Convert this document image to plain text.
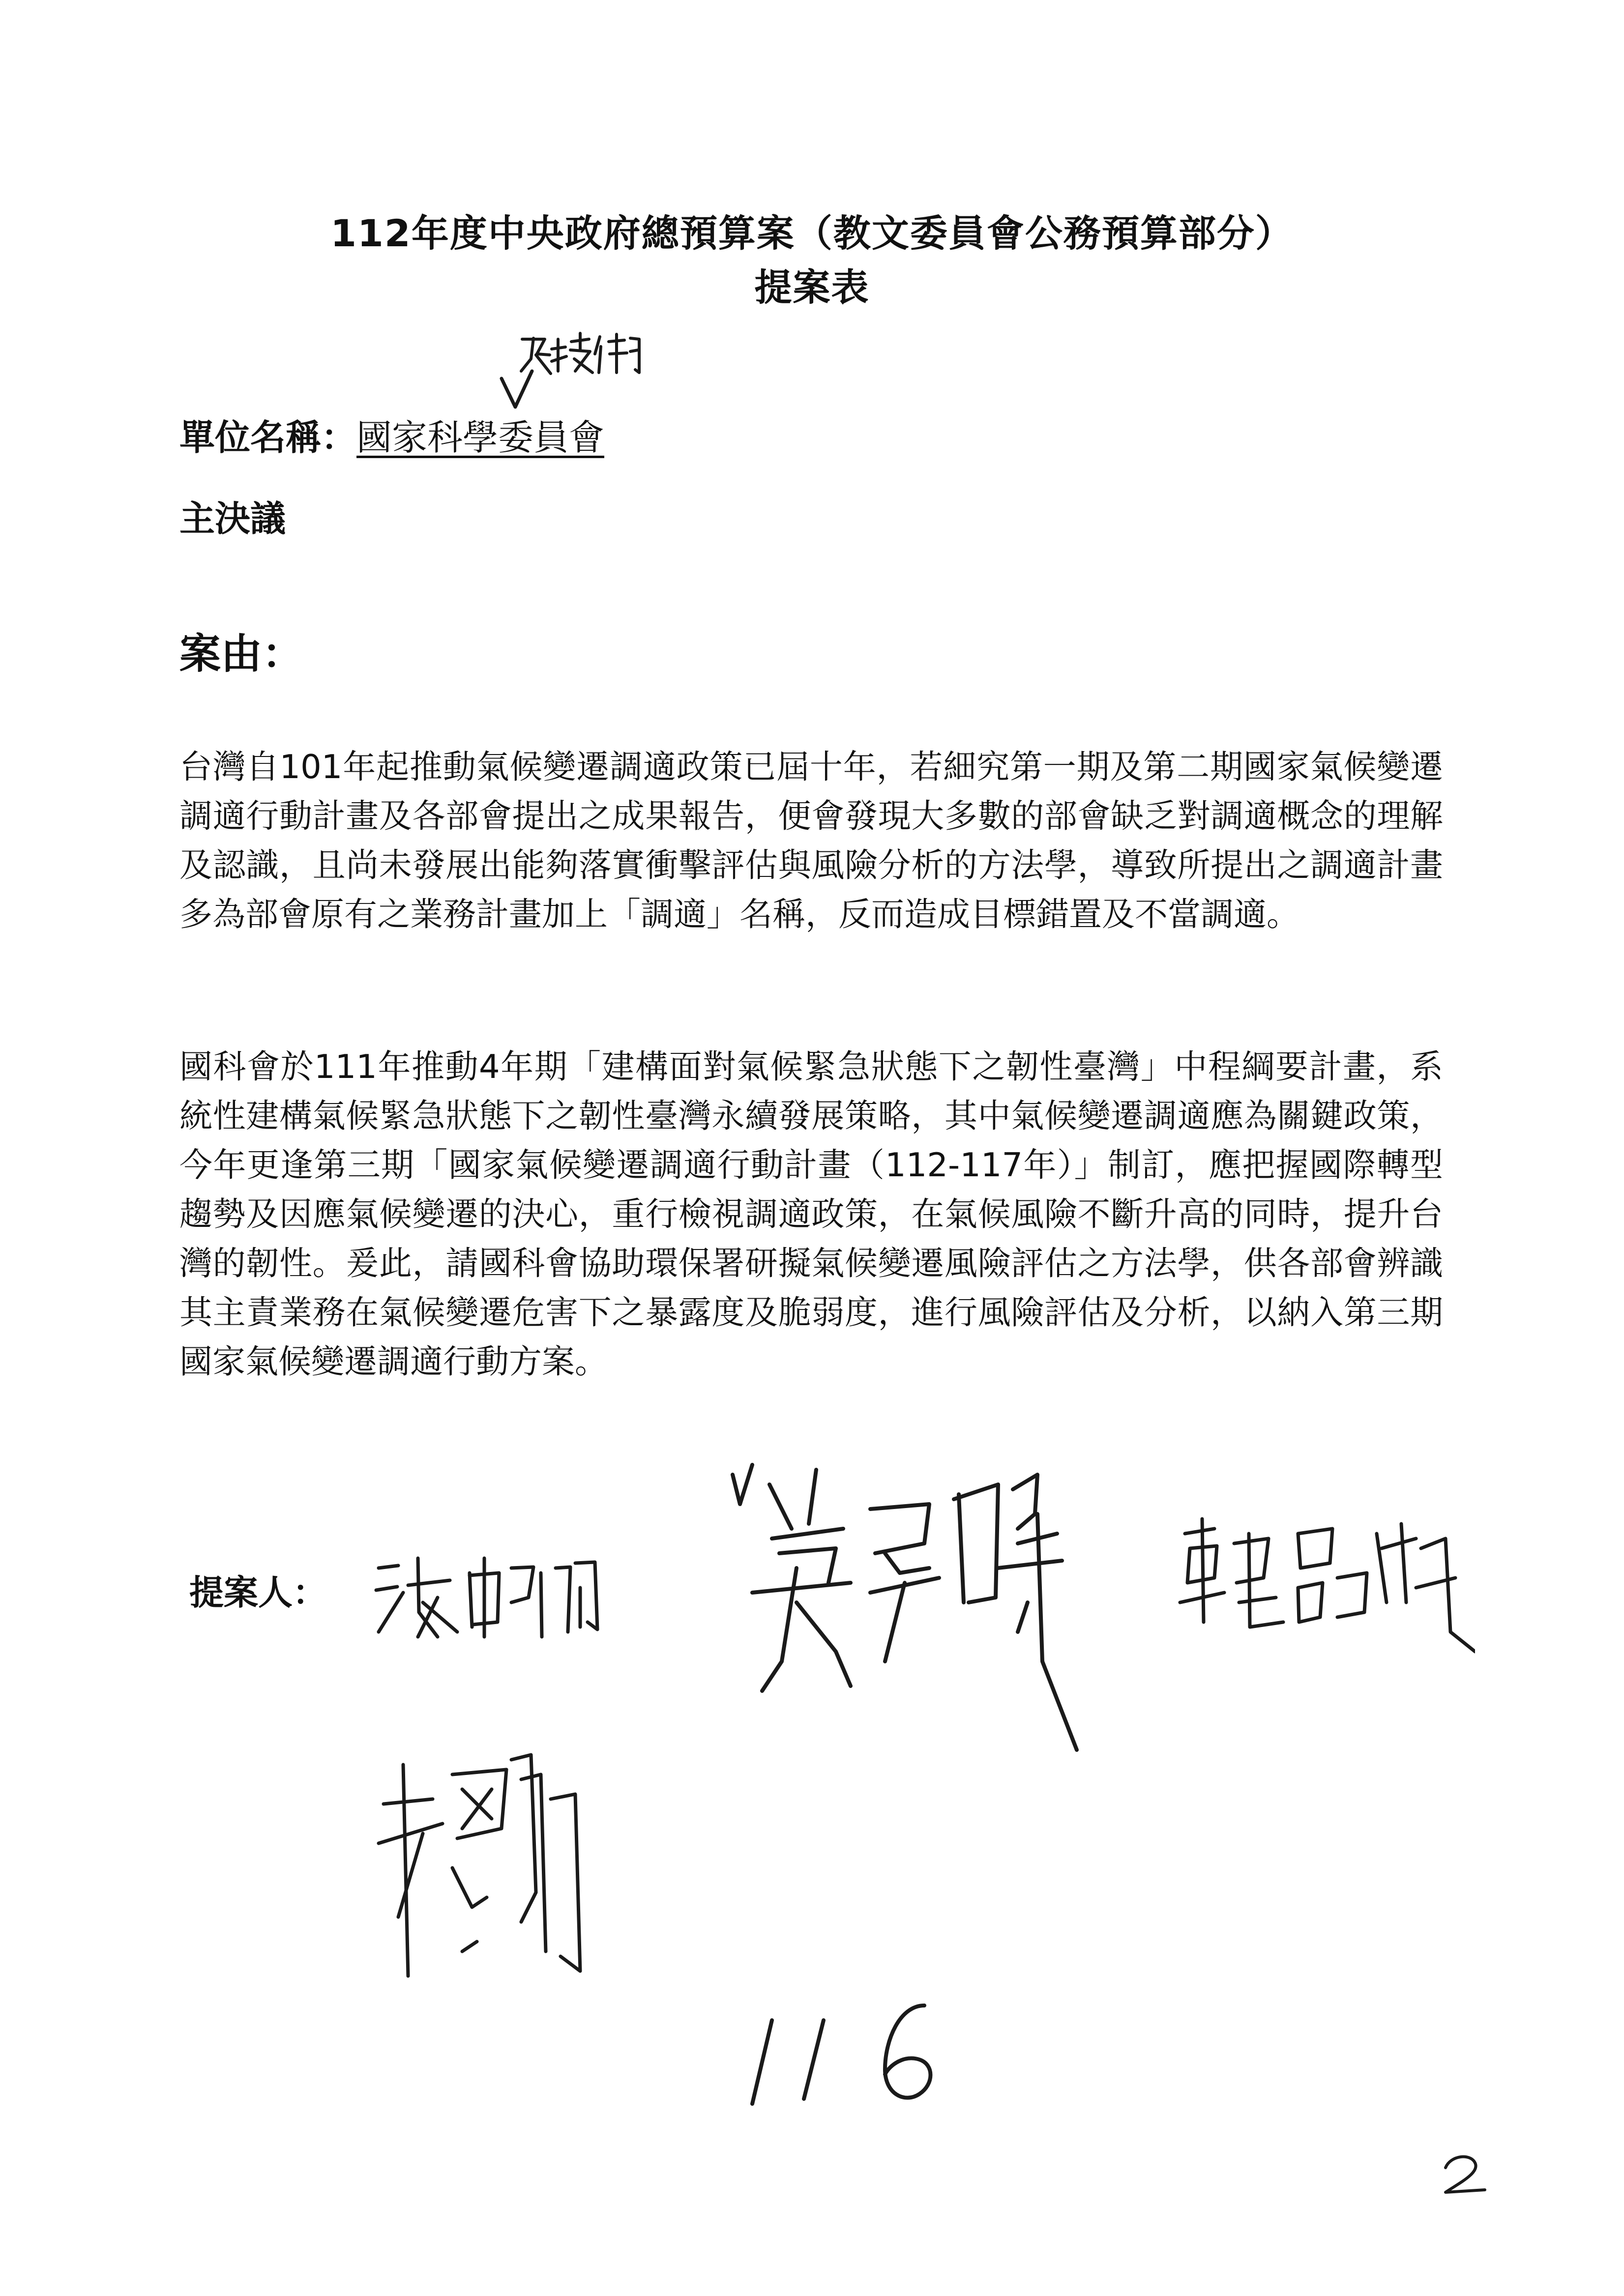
112年度中央政府總預算案（教文委員會公務預算部分）
提案表
單位名稱：國家科學委員會
主決議
案由：

台灣自101年起推動氣候變遷調適政策已屆十年，若細究第一期及第二期國家氣候變遷調適行動計畫及各部會提出之成果報告，便會發現大多數的部會缺乏對調適概念的理解及認識，且尚未發展出能夠落實衝擊評估與風險分析的方法學，導致所提出之調適計畫多為部會原有之業務計畫加上「調適」名稱，反而造成目標錯置及不當調適。

國科會於111年推動4年期「建構面對氣候緊急狀態下之韌性臺灣」中程綱要計畫，系統性建構氣候緊急狀態下之韌性臺灣永續發展策略，其中氣候變遷調適應為關鍵政策，今年更逢第三期「國家氣候變遷調適行動計畫（112-117年）」制訂，應把握國際轉型趨勢及因應氣候變遷的決心，重行檢視調適政策，在氣候風險不斷升高的同時，提升台灣的韌性。爰此，請國科會協助環保署研擬氣候變遷風險評估之方法學，供各部會辨識其主責業務在氣候變遷危害下之暴露度及脆弱度，進行風險評估及分析，以納入第三期國家氣候變遷調適行動方案。

提案人：
